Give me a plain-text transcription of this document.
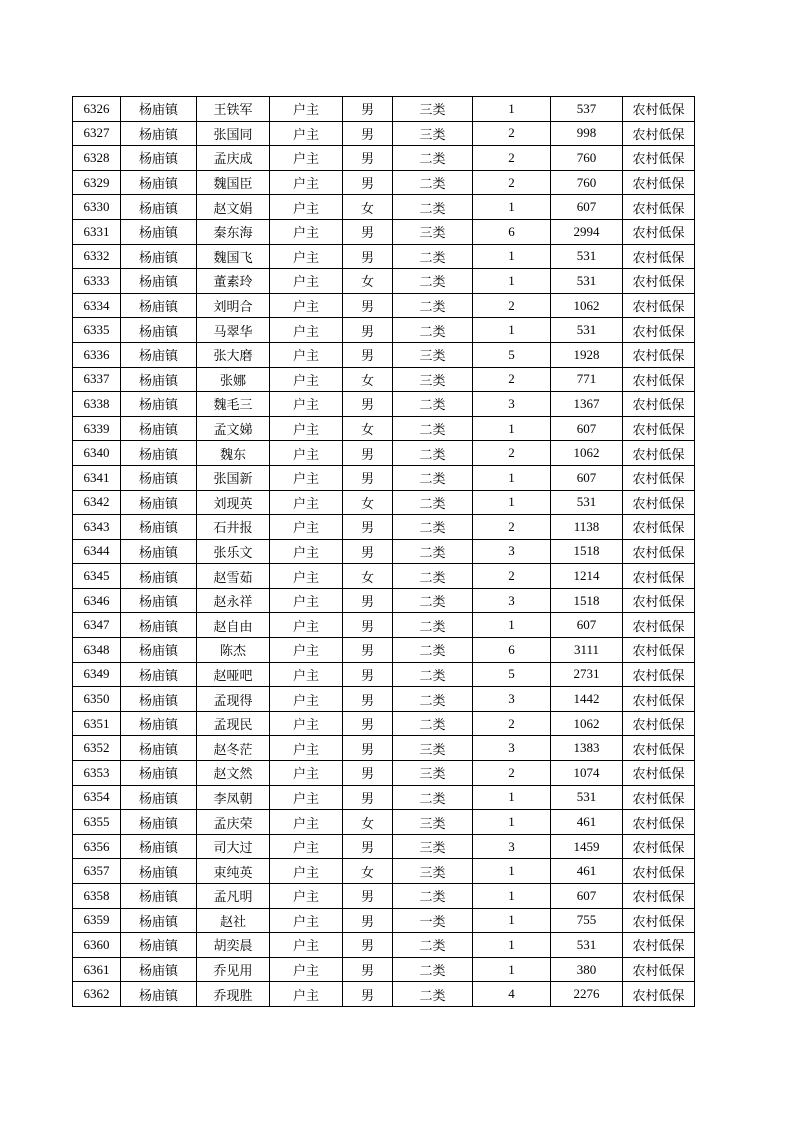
6326	杨庙镇	王铁军	户主	男	三类	1	537	农村低保
6327	杨庙镇	张国同	户主	男	三类	2	998	农村低保
6328	杨庙镇	孟庆成	户主	男	二类	2	760	农村低保
6329	杨庙镇	魏国臣	户主	男	二类	2	760	农村低保
6330	杨庙镇	赵文娟	户主	女	二类	1	607	农村低保
6331	杨庙镇	秦东海	户主	男	三类	6	2994	农村低保
6332	杨庙镇	魏国飞	户主	男	二类	1	531	农村低保
6333	杨庙镇	董素玲	户主	女	二类	1	531	农村低保
6334	杨庙镇	刘明合	户主	男	二类	2	1062	农村低保
6335	杨庙镇	马翠华	户主	男	二类	1	531	农村低保
6336	杨庙镇	张大磨	户主	男	三类	5	1928	农村低保
6337	杨庙镇	张娜	户主	女	三类	2	771	农村低保
6338	杨庙镇	魏毛三	户主	男	二类	3	1367	农村低保
6339	杨庙镇	孟文娣	户主	女	二类	1	607	农村低保
6340	杨庙镇	魏东	户主	男	二类	2	1062	农村低保
6341	杨庙镇	张国新	户主	男	二类	1	607	农村低保
6342	杨庙镇	刘现英	户主	女	二类	1	531	农村低保
6343	杨庙镇	石井报	户主	男	二类	2	1138	农村低保
6344	杨庙镇	张乐文	户主	男	二类	3	1518	农村低保
6345	杨庙镇	赵雪茹	户主	女	二类	2	1214	农村低保
6346	杨庙镇	赵永祥	户主	男	二类	3	1518	农村低保
6347	杨庙镇	赵自由	户主	男	二类	1	607	农村低保
6348	杨庙镇	陈杰	户主	男	二类	6	3111	农村低保
6349	杨庙镇	赵哑吧	户主	男	二类	5	2731	农村低保
6350	杨庙镇	孟现得	户主	男	二类	3	1442	农村低保
6351	杨庙镇	孟现民	户主	男	二类	2	1062	农村低保
6352	杨庙镇	赵冬茫	户主	男	三类	3	1383	农村低保
6353	杨庙镇	赵文然	户主	男	三类	2	1074	农村低保
6354	杨庙镇	李凤朝	户主	男	二类	1	531	农村低保
6355	杨庙镇	孟庆荣	户主	女	三类	1	461	农村低保
6356	杨庙镇	司大过	户主	男	三类	3	1459	农村低保
6357	杨庙镇	束纯英	户主	女	三类	1	461	农村低保
6358	杨庙镇	孟凡明	户主	男	二类	1	607	农村低保
6359	杨庙镇	赵社	户主	男	一类	1	755	农村低保
6360	杨庙镇	胡奕晨	户主	男	二类	1	531	农村低保
6361	杨庙镇	乔见用	户主	男	二类	1	380	农村低保
6362	杨庙镇	乔现胜	户主	男	二类	4	2276	农村低保
